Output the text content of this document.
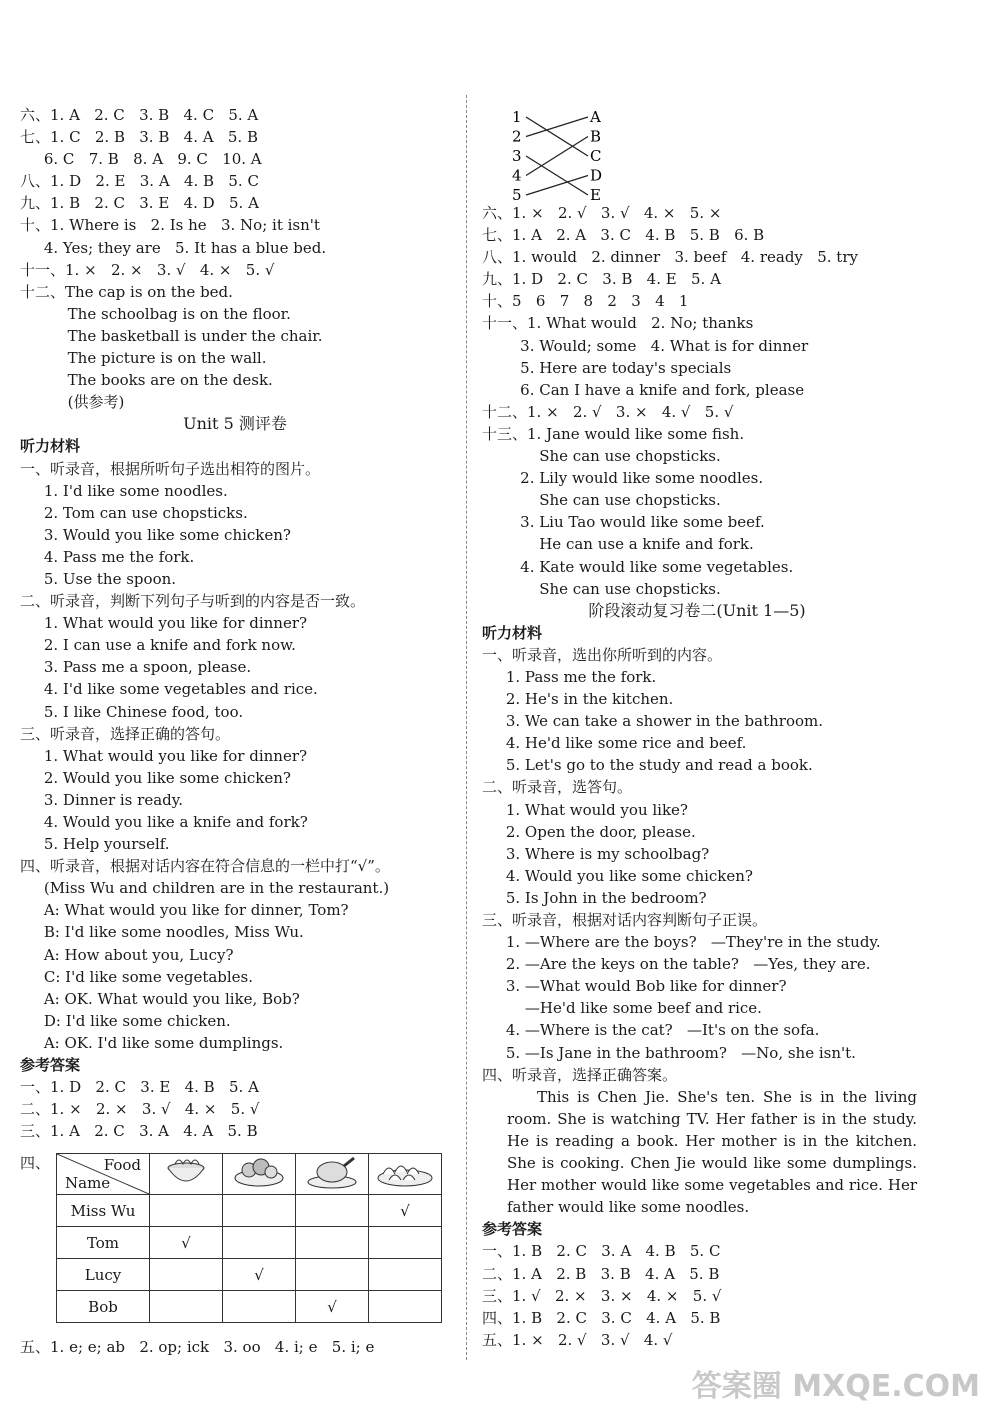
六、1. A   2. C   3. B   4. C   5. A
七、1. C   2. B   3. B   4. A   5. B
6. C   7. B   8. A   9. C   10. A
八、1. D   2. E   3. A   4. B   5. C
九、1. B   2. C   3. E   4. D   5. A
十、1. Where is   2. Is he   3. No; it isn't
4. Yes; they are   5. It has a blue bed.
十一、1. ×   2. ×   3. √   4. ×   5. √
十二、The cap is on the bed.
The schoolbag is on the floor.
The basketball is under the chair.
The picture is on the wall.
The books are on the desk.
(供参考)
Unit 5 测评卷
听力材料
一、听录音，根据所听句子选出相符的图片。
1. I'd like some noodles.
2. Tom can use chopsticks.
3. Would you like some chicken?
4. Pass me the fork.
5. Use the spoon.
二、听录音，判断下列句子与听到的内容是否一致。
1. What would you like for dinner?
2. I can use a knife and fork now.
3. Pass me a spoon, please.
4. I'd like some vegetables and rice.
5. I like Chinese food, too.
三、听录音，选择正确的答句。
1. What would you like for dinner?
2. Would you like some chicken?
3. Dinner is ready.
4. Would you like a knife and fork?
5. Help yourself.
四、听录音，根据对话内容在符合信息的一栏中打“√”。
(Miss Wu and children are in the restaurant.)
A: What would you like for dinner, Tom?
B: I'd like some noodles, Miss Wu.
A: How about you, Lucy?
C: I'd like some vegetables.
A: OK. What would you like, Bob?
D: I'd like some chicken.
A: OK. I'd like some dumplings.
参考答案
一、1. D   2. C   3. E   4. B   5. A
二、1. ×   2. ×   3. √   4. ×   5. √
三、1. A   2. C   3. A   4. A   5. B
四、	Food
Name

Miss Wu				√
Tom	√			
Lucy		√		
Bob			√	
五、1. e; e; ab   2. op; ick   3. oo   4. i; e   5. i; e
1
2
3
4
5
A
B
C
D
E
六、1. ×   2. √   3. √   4. ×   5. ×
七、1. A   2. A   3. C   4. B   5. B   6. B
八、1. would   2. dinner   3. beef   4. ready   5. try
九、1. D   2. C   3. B   4. E   5. A
十、5   6   7   8   2   3   4   1
十一、1. What would   2. No; thanks
3. Would; some   4. What is for dinner
5. Here are today's specials
6. Can I have a knife and fork, please
十二、1. ×   2. √   3. ×   4. √   5. √
十三、1. Jane would like some fish.
She can use chopsticks.
2. Lily would like some noodles.
She can use chopsticks.
3. Liu Tao would like some beef.
He can use a knife and fork.
4. Kate would like some vegetables.
She can use chopsticks.
阶段滚动复习卷二(Unit 1—5)
听力材料
一、听录音，选出你所听到的内容。
1. Pass me the fork.
2. He's in the kitchen.
3. We can take a shower in the bathroom.
4. He'd like some rice and beef.
5. Let's go to the study and read a book.
二、听录音，选答句。
1. What would you like?
2. Open the door, please.
3. Where is my schoolbag?
4. Would you like some chicken?
5. Is John in the bedroom?
三、听录音，根据对话内容判断句子正误。
1. —Where are the boys?   —They're in the study.
2. —Are the keys on the table?   —Yes, they are.
3. —What would Bob like for dinner?
—He'd like some beef and rice.
4. —Where is the cat?   —It's on the sofa.
5. —Is Jane in the bathroom?   —No, she isn't.
四、听录音，选择正确答案。
This is Chen Jie. She's ten. She is in the living room. She is watching TV. Her father is in the study. He is reading a book. Her mother is in the kitchen. She is cooking. Chen Jie would like some dumplings. Her mother would like some vegetables and rice. Her father would like some noodles.
参考答案
一、1. B   2. C   3. A   4. B   5. C
二、1. A   2. B   3. B   4. A   5. B
三、1. √   2. ×   3. ×   4. ×   5. √
四、1. B   2. C   3. C   4. A   5. B
五、1. ×   2. √   3. √   4. √
答案圈 MXQE.COM
